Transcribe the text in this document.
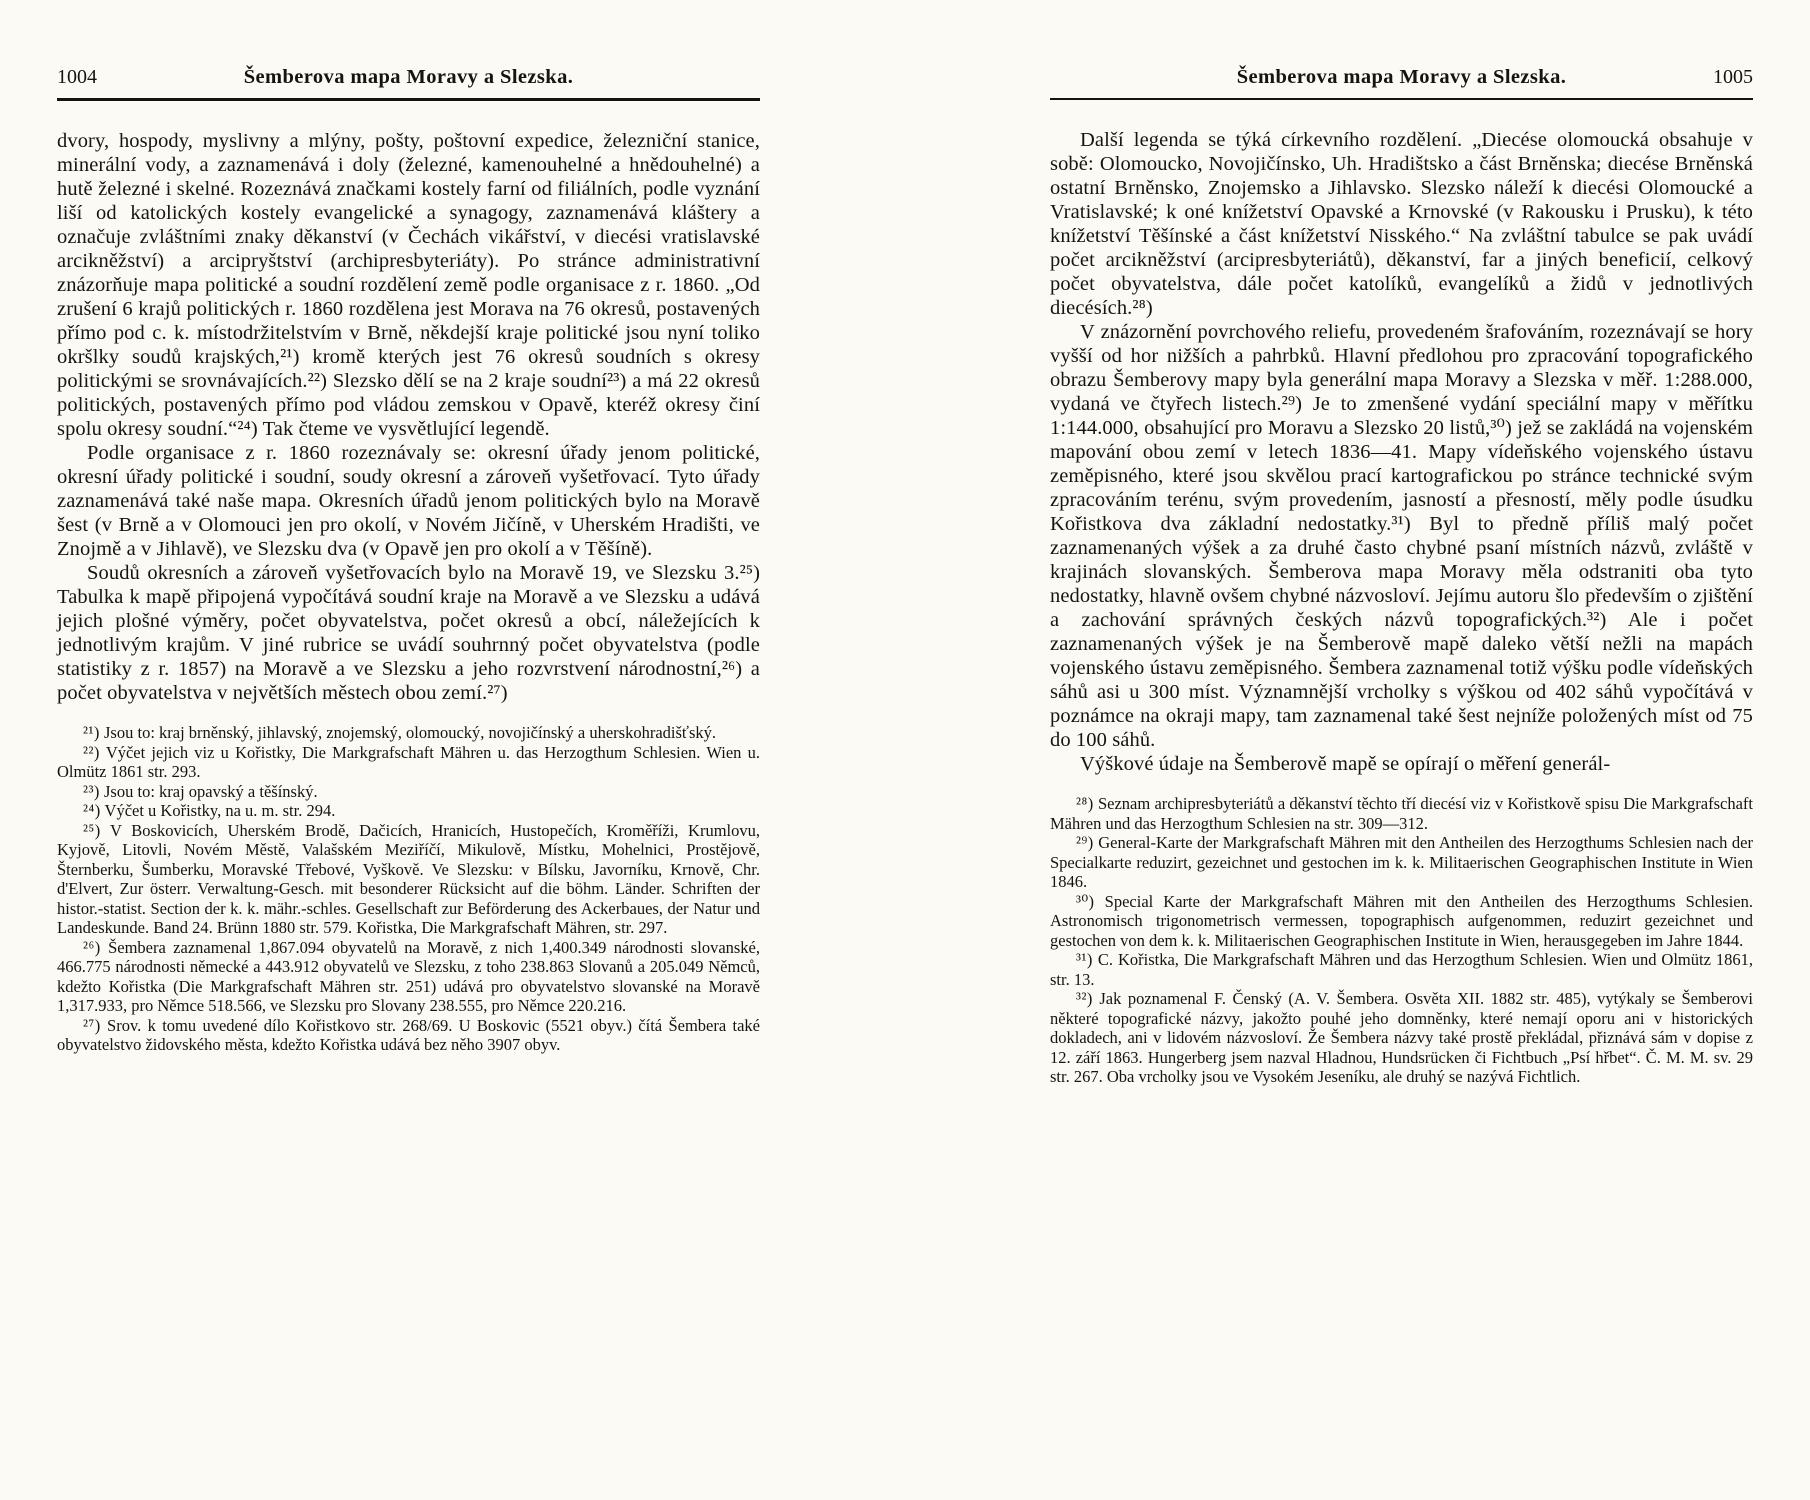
1004	Šemberova mapa Moravy a Slezska.

dvory, hospody, myslivny a mlýny, pošty, poštovní expedice, železniční stanice, minerální vody, a zaznamenává i doly (železné, kamenouhelné a hnědouhelné) a hutě železné i skelné. Rozeznává značkami kostely farní od filiálních, podle vyznání liší od katolických kostely evangelické a synagogy, zaznamenává kláštery a označuje zvláštními znaky děkanství (v Čechách vikářství, v diecési vratislavské arcikněžství) a arcipryštství (archipresbyteriáty). Po stránce administrativní znázorňuje mapa politické a soudní rozdělení země podle organisace z r. 1860. „Od zrušení 6 krajů politických r. 1860 rozdělena jest Morava na 76 okresů, postavených přímo pod c. k. místodržitelstvím v Brně, někdejší kraje politické jsou nyní toliko okršlky soudů krajských,²¹) kromě kterých jest 76 okresů soudních s okresy politickými se srovnávajících.²²) Slezsko dělí se na 2 kraje soudní²³) a má 22 okresů politických, postavených přímo pod vládou zemskou v Opavě, kteréž okresy činí spolu okresy soudní.“²⁴) Tak čteme ve vysvětlující legendě.

Podle organisace z r. 1860 rozeznávaly se: okresní úřady jenom politické, okresní úřady politické i soudní, soudy okresní a zároveň vyšetřovací. Tyto úřady zaznamenává také naše mapa. Okresních úřadů jenom politických bylo na Moravě šest (v Brně a v Olomouci jen pro okolí, v Novém Jičíně, v Uherském Hradišti, ve Znojmě a v Jihlavě), ve Slezsku dva (v Opavě jen pro okolí a v Těšíně).

Soudů okresních a zároveň vyšetřovacích bylo na Moravě 19, ve Slezsku 3.²⁵) Tabulka k mapě připojená vypočítává soudní kraje na Moravě a ve Slezsku a udává jejich plošné výměry, počet obyvatelstva, počet okresů a obcí, náležejících k jednotlivým krajům. V jiné rubrice se uvádí souhrnný počet obyvatelstva (podle statistiky z r. 1857) na Moravě a ve Slezsku a jeho rozvrstvení národnostní,²⁶) a počet obyvatelstva v největších městech obou zemí.²⁷)

²¹) Jsou to: kraj brněnský, jihlavský, znojemský, olomoucký, novojičínský a uherskohradišťský.

²²) Výčet jejich viz u Kořistky, Die Markgrafschaft Mähren u. das Herzogthum Schlesien. Wien u. Olmütz 1861 str. 293.

²³) Jsou to: kraj opavský a těšínský.

²⁴) Výčet u Kořistky, na u. m. str. 294.

²⁵) V Boskovicích, Uherském Brodě, Dačicích, Hranicích, Hustopečích, Kroměříži, Krumlovu, Kyjově, Litovli, Novém Městě, Valašském Meziříčí, Mikulově, Místku, Mohelnici, Prostějově, Šternberku, Šumberku, Moravské Třebové, Vyškově. Ve Slezsku: v Bílsku, Javorníku, Krnově, Chr. d'Elvert, Zur österr. Verwaltung-Gesch. mit besonderer Rücksicht auf die böhm. Länder. Schriften der histor.-statist. Section der k. k. mähr.-schles. Gesellschaft zur Beförderung des Ackerbaues, der Natur und Landeskunde. Band 24. Brünn 1880 str. 579. Kořistka, Die Markgrafschaft Mähren, str. 297.

²⁶) Šembera zaznamenal 1,867.094 obyvatelů na Moravě, z nich 1,400.349 národnosti slovanské, 466.775 národnosti německé a 443.912 obyvatelů ve Slezsku, z toho 238.863 Slovanů a 205.049 Němců, kdežto Kořistka (Die Markgrafschaft Mähren str. 251) udává pro obyvatelstvo slovanské na Moravě 1,317.933, pro Němce 518.566, ve Slezsku pro Slovany 238.555, pro Němce 220.216.

²⁷) Srov. k tomu uvedené dílo Kořistkovo str. 268/69. U Boskovic (5521 obyv.) čítá Šembera také obyvatelstvo židovského města, kdežto Kořistka udává bez něho 3907 obyv.

Šemberova mapa Moravy a Slezska.	1005

Další legenda se týká církevního rozdělení. „Diecése olomoucká obsahuje v sobě: Olomoucko, Novojičínsko, Uh. Hradištsko a část Brněnska; diecése Brněnská ostatní Brněnsko, Znojemsko a Jihlavsko. Slezsko náleží k diecési Olomoucké a Vratislavské; k oné knížetství Opavské a Krnovské (v Rakousku i Prusku), k této knížetství Těšínské a část knížetství Nisského.“ Na zvláštní tabulce se pak uvádí počet arcikněžství (arcipresbyteriátů), děkanství, far a jiných beneficií, celkový počet obyvatelstva, dále počet katolíků, evangelíků a židů v jednotlivých diecésích.²⁸)

V znázornění povrchového reliefu, provedeném šrafováním, rozeznávají se hory vyšší od hor nižších a pahrbků. Hlavní předlohou pro zpracování topografického obrazu Šemberovy mapy byla generální mapa Moravy a Slezska v měř. 1:288.000, vydaná ve čtyřech listech.²⁹) Je to zmenšené vydání speciální mapy v měřítku 1:144.000, obsahující pro Moravu a Slezsko 20 listů,³⁰) jež se zakládá na vojenském mapování obou zemí v letech 1836—41. Mapy vídeňského vojenského ústavu zeměpisného, které jsou skvělou prací kartografickou po stránce technické svým zpracováním terénu, svým provedením, jasností a přesností, měly podle úsudku Kořistkova dva základní nedostatky.³¹) Byl to předně příliš malý počet zaznamenaných výšek a za druhé často chybné psaní místních názvů, zvláště v krajinách slovanských. Šemberova mapa Moravy měla odstraniti oba tyto nedostatky, hlavně ovšem chybné názvosloví. Jejímu autoru šlo především o zjištění a zachování správných českých názvů topografických.³²) Ale i počet zaznamenaných výšek je na Šemberově mapě daleko větší nežli na mapách vojenského ústavu zeměpisného. Šembera zaznamenal totiž výšku podle vídeňských sáhů asi u 300 míst. Významnější vrcholky s výškou od 402 sáhů vypočítává v poznámce na okraji mapy, tam zaznamenal také šest nejníže položených míst od 75 do 100 sáhů.

Výškové údaje na Šemberově mapě se opírají o měření generál-

²⁸) Seznam archipresbyteriátů a děkanství těchto tří diecésí viz v Kořistkově spisu Die Markgrafschaft Mähren und das Herzogthum Schlesien na str. 309—312.

²⁹) General-Karte der Markgrafschaft Mähren mit den Antheilen des Herzogthums Schlesien nach der Specialkarte reduzirt, gezeichnet und gestochen im k. k. Militaerischen Geographischen Institute in Wien 1846.

³⁰) Special Karte der Markgrafschaft Mähren mit den Antheilen des Herzogthums Schlesien. Astronomisch trigonometrisch vermessen, topographisch aufgenommen, reduzirt gezeichnet und gestochen von dem k. k. Militaerischen Geographischen Institute in Wien, herausgegeben im Jahre 1844.

³¹) C. Kořistka, Die Markgrafschaft Mähren und das Herzogthum Schlesien. Wien und Olmütz 1861, str. 13.

³²) Jak poznamenal F. Čenský (A. V. Šembera. Osvěta XII. 1882 str. 485), vytýkaly se Šemberovi některé topografické názvy, jakožto pouhé jeho domněnky, které nemají oporu ani v historických dokladech, ani v lidovém názvosloví. Že Šembera názvy také prostě překládal, přiznává sám v dopise z 12. září 1863. Hungerberg jsem nazval Hladnou, Hundsrücken či Fichtbuch „Psí hřbet“. Č. M. M. sv. 29 str. 267. Oba vrcholky jsou ve Vysokém Jeseníku, ale druhý se nazývá Fichtlich.
